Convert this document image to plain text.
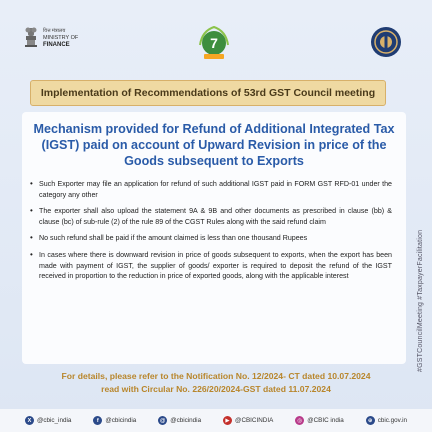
वित्त मंत्रालय
MINISTRY OF
FINANCE	7
Implementation of Recommendations of 53rd GST Council meeting
Mechanism provided for Refund of Additional Integrated Tax (IGST) paid on account of Upward Revision in price of the Goods subsequent to Exports
• Such Exporter may file an application for refund of such additional IGST paid in FORM GST RFD-01 under the category any other
• The exporter shall also upload the statement 9A & 9B and other documents as prescribed in clause (bb) & clause (bc) of sub-rule (2) of the rule 89 of the CGST Rules along with the said refund claim
• No such refund shall be paid if the amount claimed is less than one thousand Rupees
• In cases where there is downward revision in price of goods subsequent to exports, when the export has been made with payment of IGST, the supplier of goods/ exporter is required to deposit the refund of the IGST received in proportion to the reduction in price of exported goods, along with the applicable interest	#GSTCouncilMeeting #TaxpayerFacilitation
For details, please refer to the Notification No. 12/2024- CT dated 10.07.2024
read with Circular No. 226/20/2024-GST dated 11.07.2024
X @cbic_india	f	@cbicindia	@ @cbicindia	▶ @CBICINDIA	◎ @CBIC india	⊕ cbic.gov.in
